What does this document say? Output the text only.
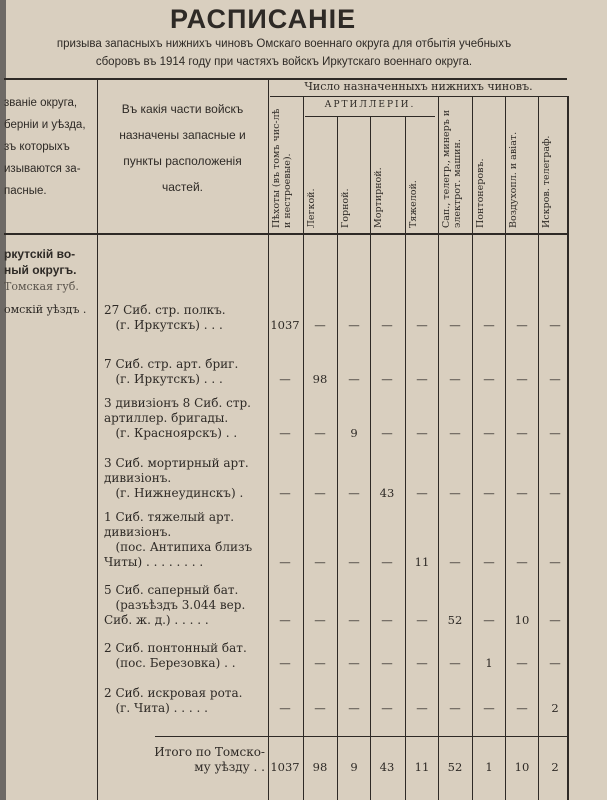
РАСПИСАНIЕ
призыва запасныхъ нижнихъ чиновъ Омскаго военнаго округа для отбытiя учебныхъ
сборовъ въ 1914 году при частяхъ войскъ Иркутскаго военнаго округа.
званіе округа,
берніи и уѣзда,
зъ которыхъ
изываются за-
пасные.
Въ какія части войскъ
назначены запасные и
пункты расположенія
частей.
Число назначенныхъ нижнихъ чиновъ.
АРТИЛЛЕРIИ.
Пѣхоты (въ томъ чис-лѣ и нестроевые).	Легкой.	Горной.	Мортирной.	Тяжелой.	Сап., телегр., минеръ и электрот. машин.	Понтонеровъ.	Воздухопл. и авіат.	Искров. телеграф.
ркутскій во-
ный округъ.
Томская губ.
омскій уѣздъ . 27 Сиб. стр. полкъ.
(г. Иркутскъ) . . .	1037	—	—	—	—	—	—	—	—
7 Сиб. стр. арт. бриг.
(г. Иркутскъ) . . .	—	98	—	—	—	—	—	—	—
3 дивизiонъ 8 Сиб. стр.
артиллер. бригады.
(г. Красноярскъ) . .	—	—	9	—	—	—	—	—	—
3 Сиб. мортирный арт.
дивизiонъ.
(г. Нижнеудинскъ) .	—	—	—	43	—	—	—	—	—
1 Сиб. тяжелый арт.
дивизiонъ.
(пос. Антипиха близъ
Читы) . . . . . . . .	—	—	—	—	11	—	—	—	—
5 Сиб. саперный бат.
(разъѣздъ 3.044 вер.
Сиб. ж. д.) . . . . .	—	—	—	—	—	52	—	10	—
2 Сиб. понтонный бат.
(пос. Березовка) . .	—	—	—	—	—	—	1	—	—
2 Сиб. искровая рота.
(г. Чита) . . . . .	—	—	—	—	—	—	—	—	2
Итого по Томско-
му уѣзду . . 1037	98	9	43	11	52	1	10	2
